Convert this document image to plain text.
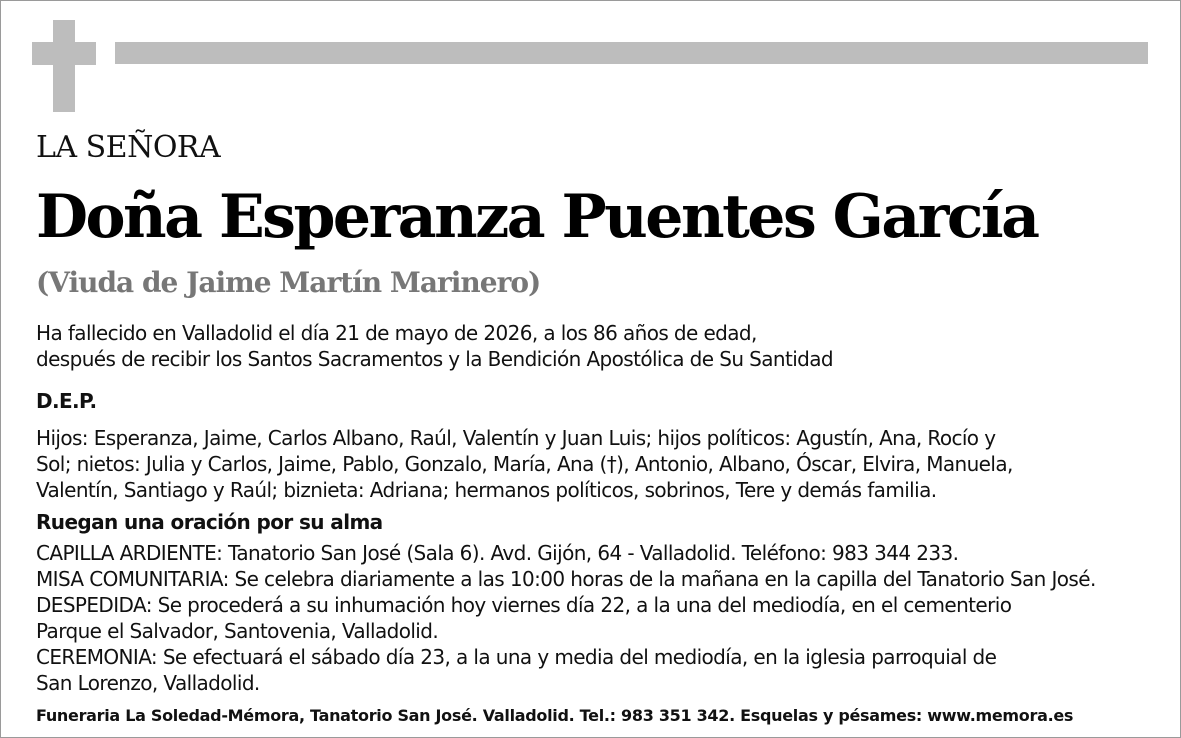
LA SEÑORA
Doña Esperanza Puentes García
(Viuda de Jaime Martín Marinero)
Ha fallecido en Valladolid el día 21 de mayo de 2026, a los 86 años de edad,
después de recibir los Santos Sacramentos y la Bendición Apostólica de Su Santidad
D.E.P.
Hijos: Esperanza, Jaime, Carlos Albano, Raúl, Valentín y Juan Luis; hijos políticos: Agustín, Ana, Rocío y
Sol; nietos: Julia y Carlos, Jaime, Pablo, Gonzalo, María, Ana (†), Antonio, Albano, Óscar, Elvira, Manuela,
Valentín, Santiago y Raúl; biznieta: Adriana; hermanos políticos, sobrinos, Tere y demás familia.
Ruegan una oración por su alma
CAPILLA ARDIENTE: Tanatorio San José (Sala 6). Avd. Gijón, 64 - Valladolid. Teléfono: 983 344 233.
MISA COMUNITARIA: Se celebra diariamente a las 10:00 horas de la mañana en la capilla del Tanatorio San José.
DESPEDIDA: Se procederá a su inhumación hoy viernes día 22, a la una del mediodía, en el cementerio
Parque el Salvador, Santovenia, Valladolid.
CEREMONIA: Se efectuará el sábado día 23, a la una y media del mediodía, en la iglesia parroquial de
San Lorenzo, Valladolid.
Funeraria La Soledad-Mémora, Tanatorio San José. Valladolid. Tel.: 983 351 342. Esquelas y pésames: www.memora.es
